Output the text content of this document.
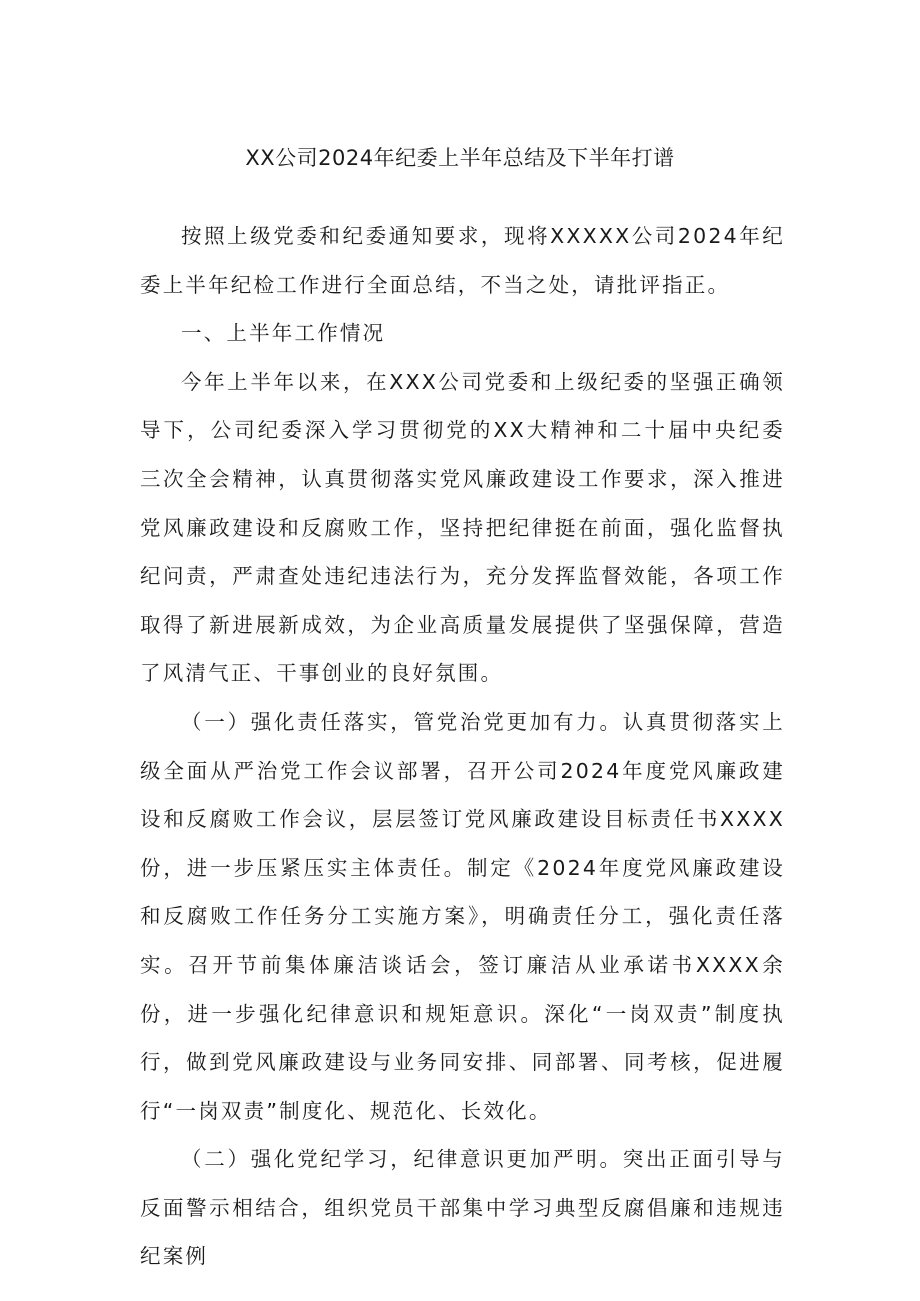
XX公司2024年纪委上半年总结及下半年打谱

按照上级党委和纪委通知要求，现将XXXXX公司2024年纪委上半年纪检工作进行全面总结，不当之处，请批评指正。

一、上半年工作情况

今年上半年以来，在XXX公司党委和上级纪委的坚强正确领导下，公司纪委深入学习贯彻党的XX大精神和二十届中央纪委三次全会精神，认真贯彻落实党风廉政建设工作要求，深入推进党风廉政建设和反腐败工作，坚持把纪律挺在前面，强化监督执纪问责，严肃查处违纪违法行为，充分发挥监督效能，各项工作取得了新进展新成效，为企业高质量发展提供了坚强保障，营造了风清气正、干事创业的良好氛围。

（一）强化责任落实，管党治党更加有力。认真贯彻落实上级全面从严治党工作会议部署，召开公司2024年度党风廉政建设和反腐败工作会议，层层签订党风廉政建设目标责任书XXXX份，进一步压紧压实主体责任。制定《2024年度党风廉政建设和反腐败工作任务分工实施方案》，明确责任分工，强化责任落实。召开节前集体廉洁谈话会，签订廉洁从业承诺书XXXX余份，进一步强化纪律意识和规矩意识。深化“一岗双责”制度执行，做到党风廉政建设与业务同安排、同部署、同考核，促进履行“一岗双责”制度化、规范化、长效化。

（二）强化党纪学习，纪律意识更加严明。突出正面引导与反面警示相结合，组织党员干部集中学习典型反腐倡廉和违规违纪案例
